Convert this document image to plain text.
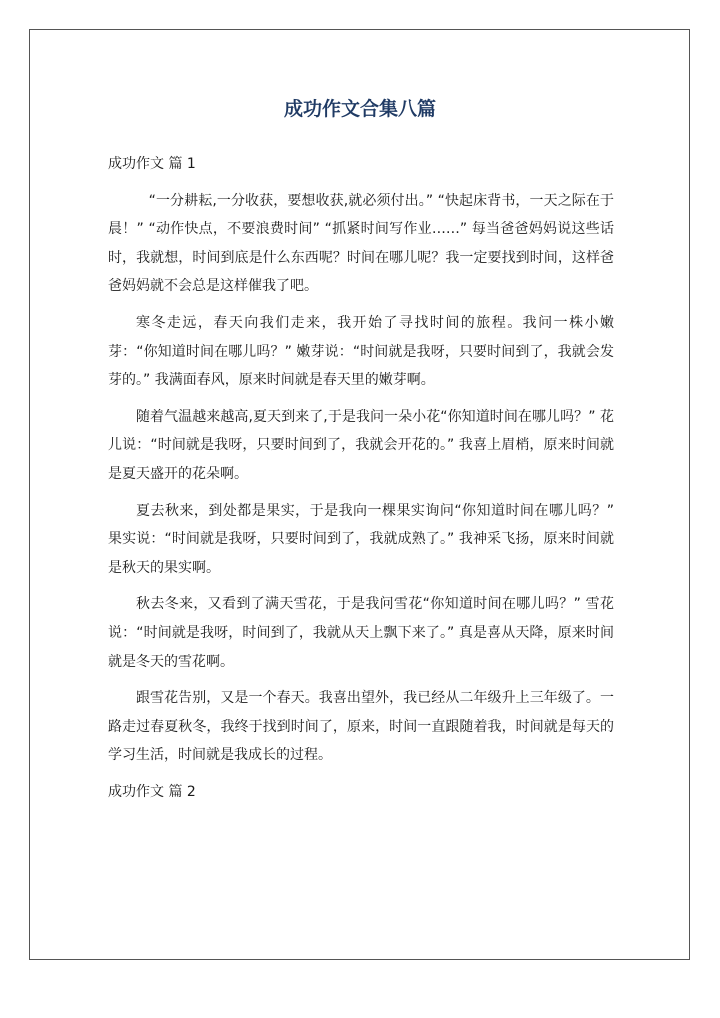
成功作文合集八篇
成功作文 篇 1

“一分耕耘,一分收获，要想收获,就必须付出。” “快起床背书，一天之际在于晨！” “动作快点，不要浪费时间” “抓紧时间写作业……” 每当爸爸妈妈说这些话时，我就想，时间到底是什么东西呢？时间在哪儿呢？我一定要找到时间，这样爸爸妈妈就不会总是这样催我了吧。

寒冬走远，春天向我们走来，我开始了寻找时间的旅程。我问一株小嫩芽：“你知道时间在哪儿吗？” 嫩芽说：“时间就是我呀，只要时间到了，我就会发芽的。” 我满面春风，原来时间就是春天里的嫩芽啊。

随着气温越来越高,夏天到来了,于是我问一朵小花“你知道时间在哪儿吗？” 花儿说：“时间就是我呀，只要时间到了，我就会开花的。” 我喜上眉梢，原来时间就是夏天盛开的花朵啊。

夏去秋来，到处都是果实，于是我向一棵果实询问“你知道时间在哪儿吗？” 果实说：“时间就是我呀，只要时间到了，我就成熟了。” 我神采飞扬，原来时间就是秋天的果实啊。

秋去冬来，又看到了满天雪花，于是我问雪花“你知道时间在哪儿吗？” 雪花说：“时间就是我呀，时间到了，我就从天上飘下来了。” 真是喜从天降，原来时间就是冬天的雪花啊。

跟雪花告别，又是一个春天。我喜出望外，我已经从二年级升上三年级了。一路走过春夏秋冬，我终于找到时间了，原来，时间一直跟随着我，时间就是每天的学习生活，时间就是我成长的过程。

成功作文 篇 2
